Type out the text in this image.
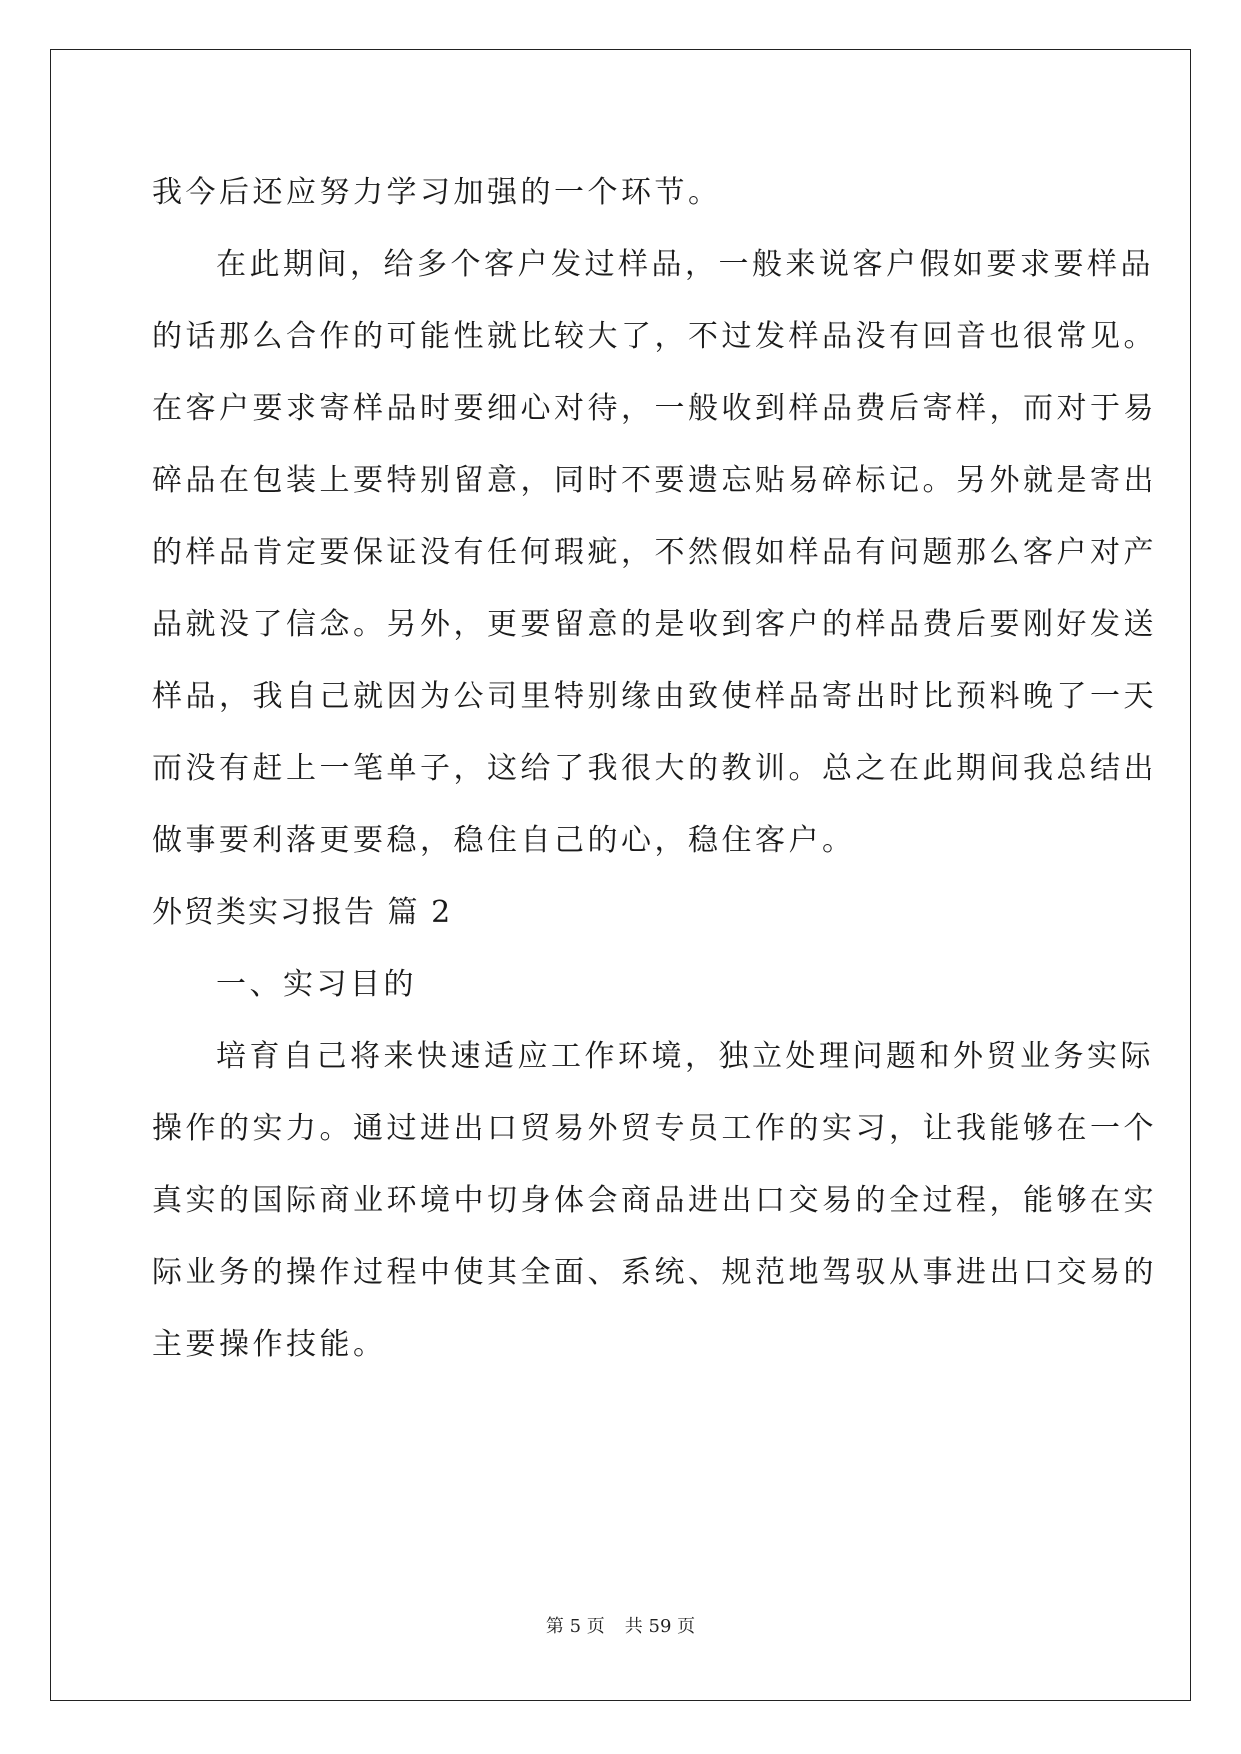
我今后还应努力学习加强的一个环节。
在此期间，给多个客户发过样品，一般来说客户假如要求要样品
的话那么合作的可能性就比较大了，不过发样品没有回音也很常见。
在客户要求寄样品时要细心对待，一般收到样品费后寄样，而对于易
碎品在包装上要特别留意，同时不要遗忘贴易碎标记。另外就是寄出
的样品肯定要保证没有任何瑕疵，不然假如样品有问题那么客户对产
品就没了信念。另外，更要留意的是收到客户的样品费后要刚好发送
样品，我自己就因为公司里特别缘由致使样品寄出时比预料晚了一天
而没有赶上一笔单子，这给了我很大的教训。总之在此期间我总结出
做事要利落更要稳，稳住自己的心，稳住客户。
外贸类实习报告 篇 2
一、实习目的
培育自己将来快速适应工作环境，独立处理问题和外贸业务实际
操作的实力。通过进出口贸易外贸专员工作的实习，让我能够在一个
真实的国际商业环境中切身体会商品进出口交易的全过程，能够在实
际业务的操作过程中使其全面、系统、规范地驾驭从事进出口交易的
主要操作技能。
第 5 页 共 59 页
